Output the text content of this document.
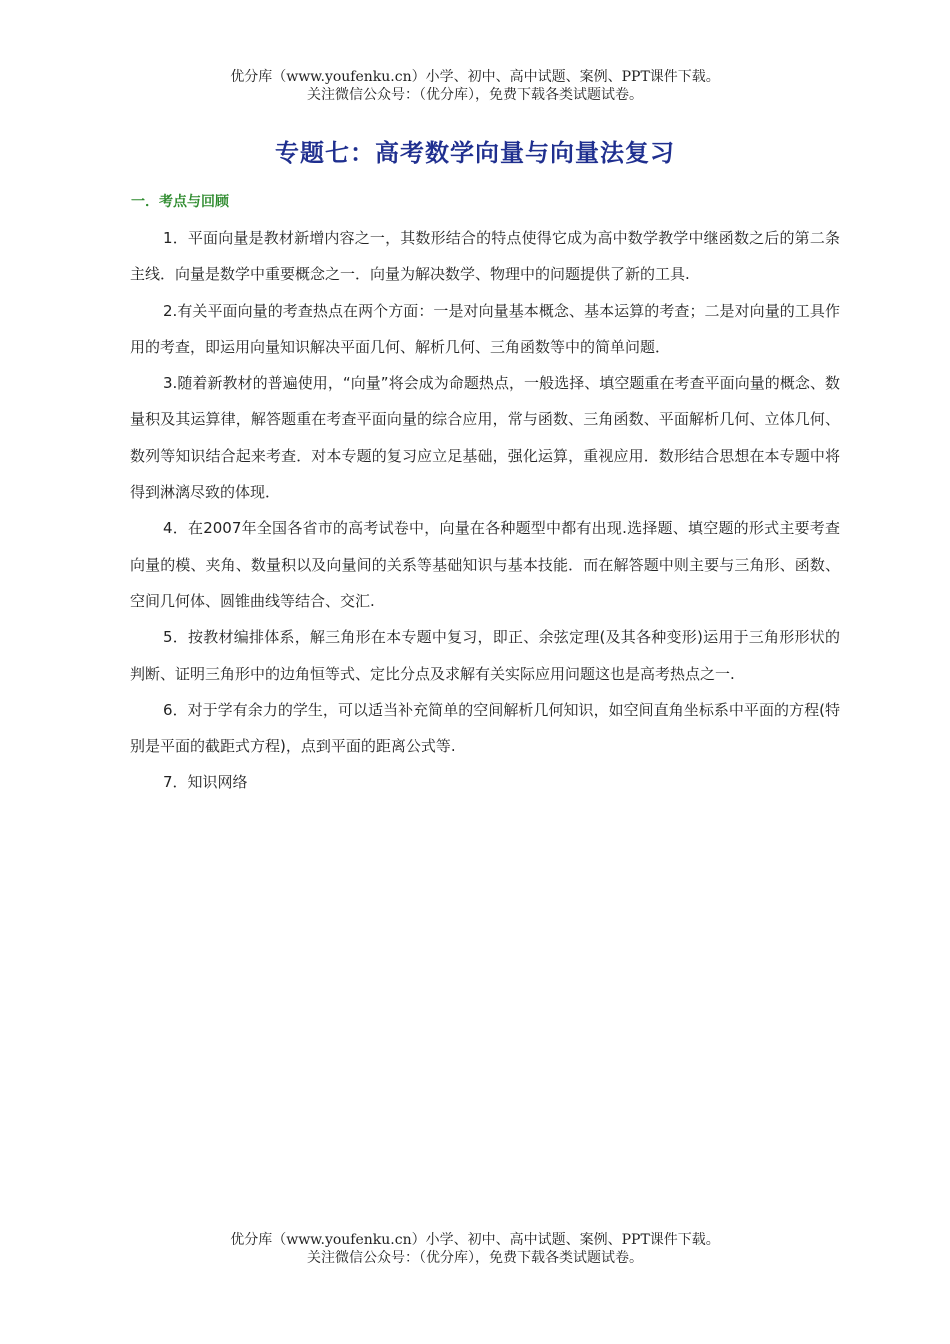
优分库（www.youfenku.cn）小学、初中、高中试题、案例、PPT课件下载。
关注微信公众号：（优分库），免费下载各类试题试卷。
专题七：高考数学向量与向量法复习
一．考点与回顾

1．平面向量是教材新增内容之一，其数形结合的特点使得它成为高中数学教学中继函数之后的第二条主线．向量是数学中重要概念之一．向量为解决数学、物理中的问题提供了新的工具.

2.有关平面向量的考查热点在两个方面：一是对向量基本概念、基本运算的考查；二是对向量的工具作用的考查，即运用向量知识解决平面几何、解析几何、三角函数等中的简单问题．

3.随着新教材的普遍使用，“向量”将会成为命题热点，一般选择、填空题重在考查平面向量的概念、数量积及其运算律，解答题重在考查平面向量的综合应用，常与函数、三角函数、平面解析几何、立体几何、数列等知识结合起来考查．对本专题的复习应立足基础，强化运算，重视应用．数形结合思想在本专题中将得到淋漓尽致的体现．

4．在2007年全国各省市的高考试卷中，向量在各种题型中都有出现.选择题、填空题的形式主要考查向量的模、夹角、数量积以及向量间的关系等基础知识与基本技能．而在解答题中则主要与三角形、函数、空间几何体、圆锥曲线等结合、交汇.

5．按教材编排体系，解三角形在本专题中复习，即正、余弦定理(及其各种变形)运用于三角形形状的判断、证明三角形中的边角恒等式、定比分点及求解有关实际应用问题这也是高考热点之一.

6．对于学有余力的学生，可以适当补充简单的空间解析几何知识，如空间直角坐标系中平面的方程(特别是平面的截距式方程)，点到平面的距离公式等.

7．知识网络

优分库（www.youfenku.cn）小学、初中、高中试题、案例、PPT课件下载。
关注微信公众号：（优分库），免费下载各类试题试卷。
